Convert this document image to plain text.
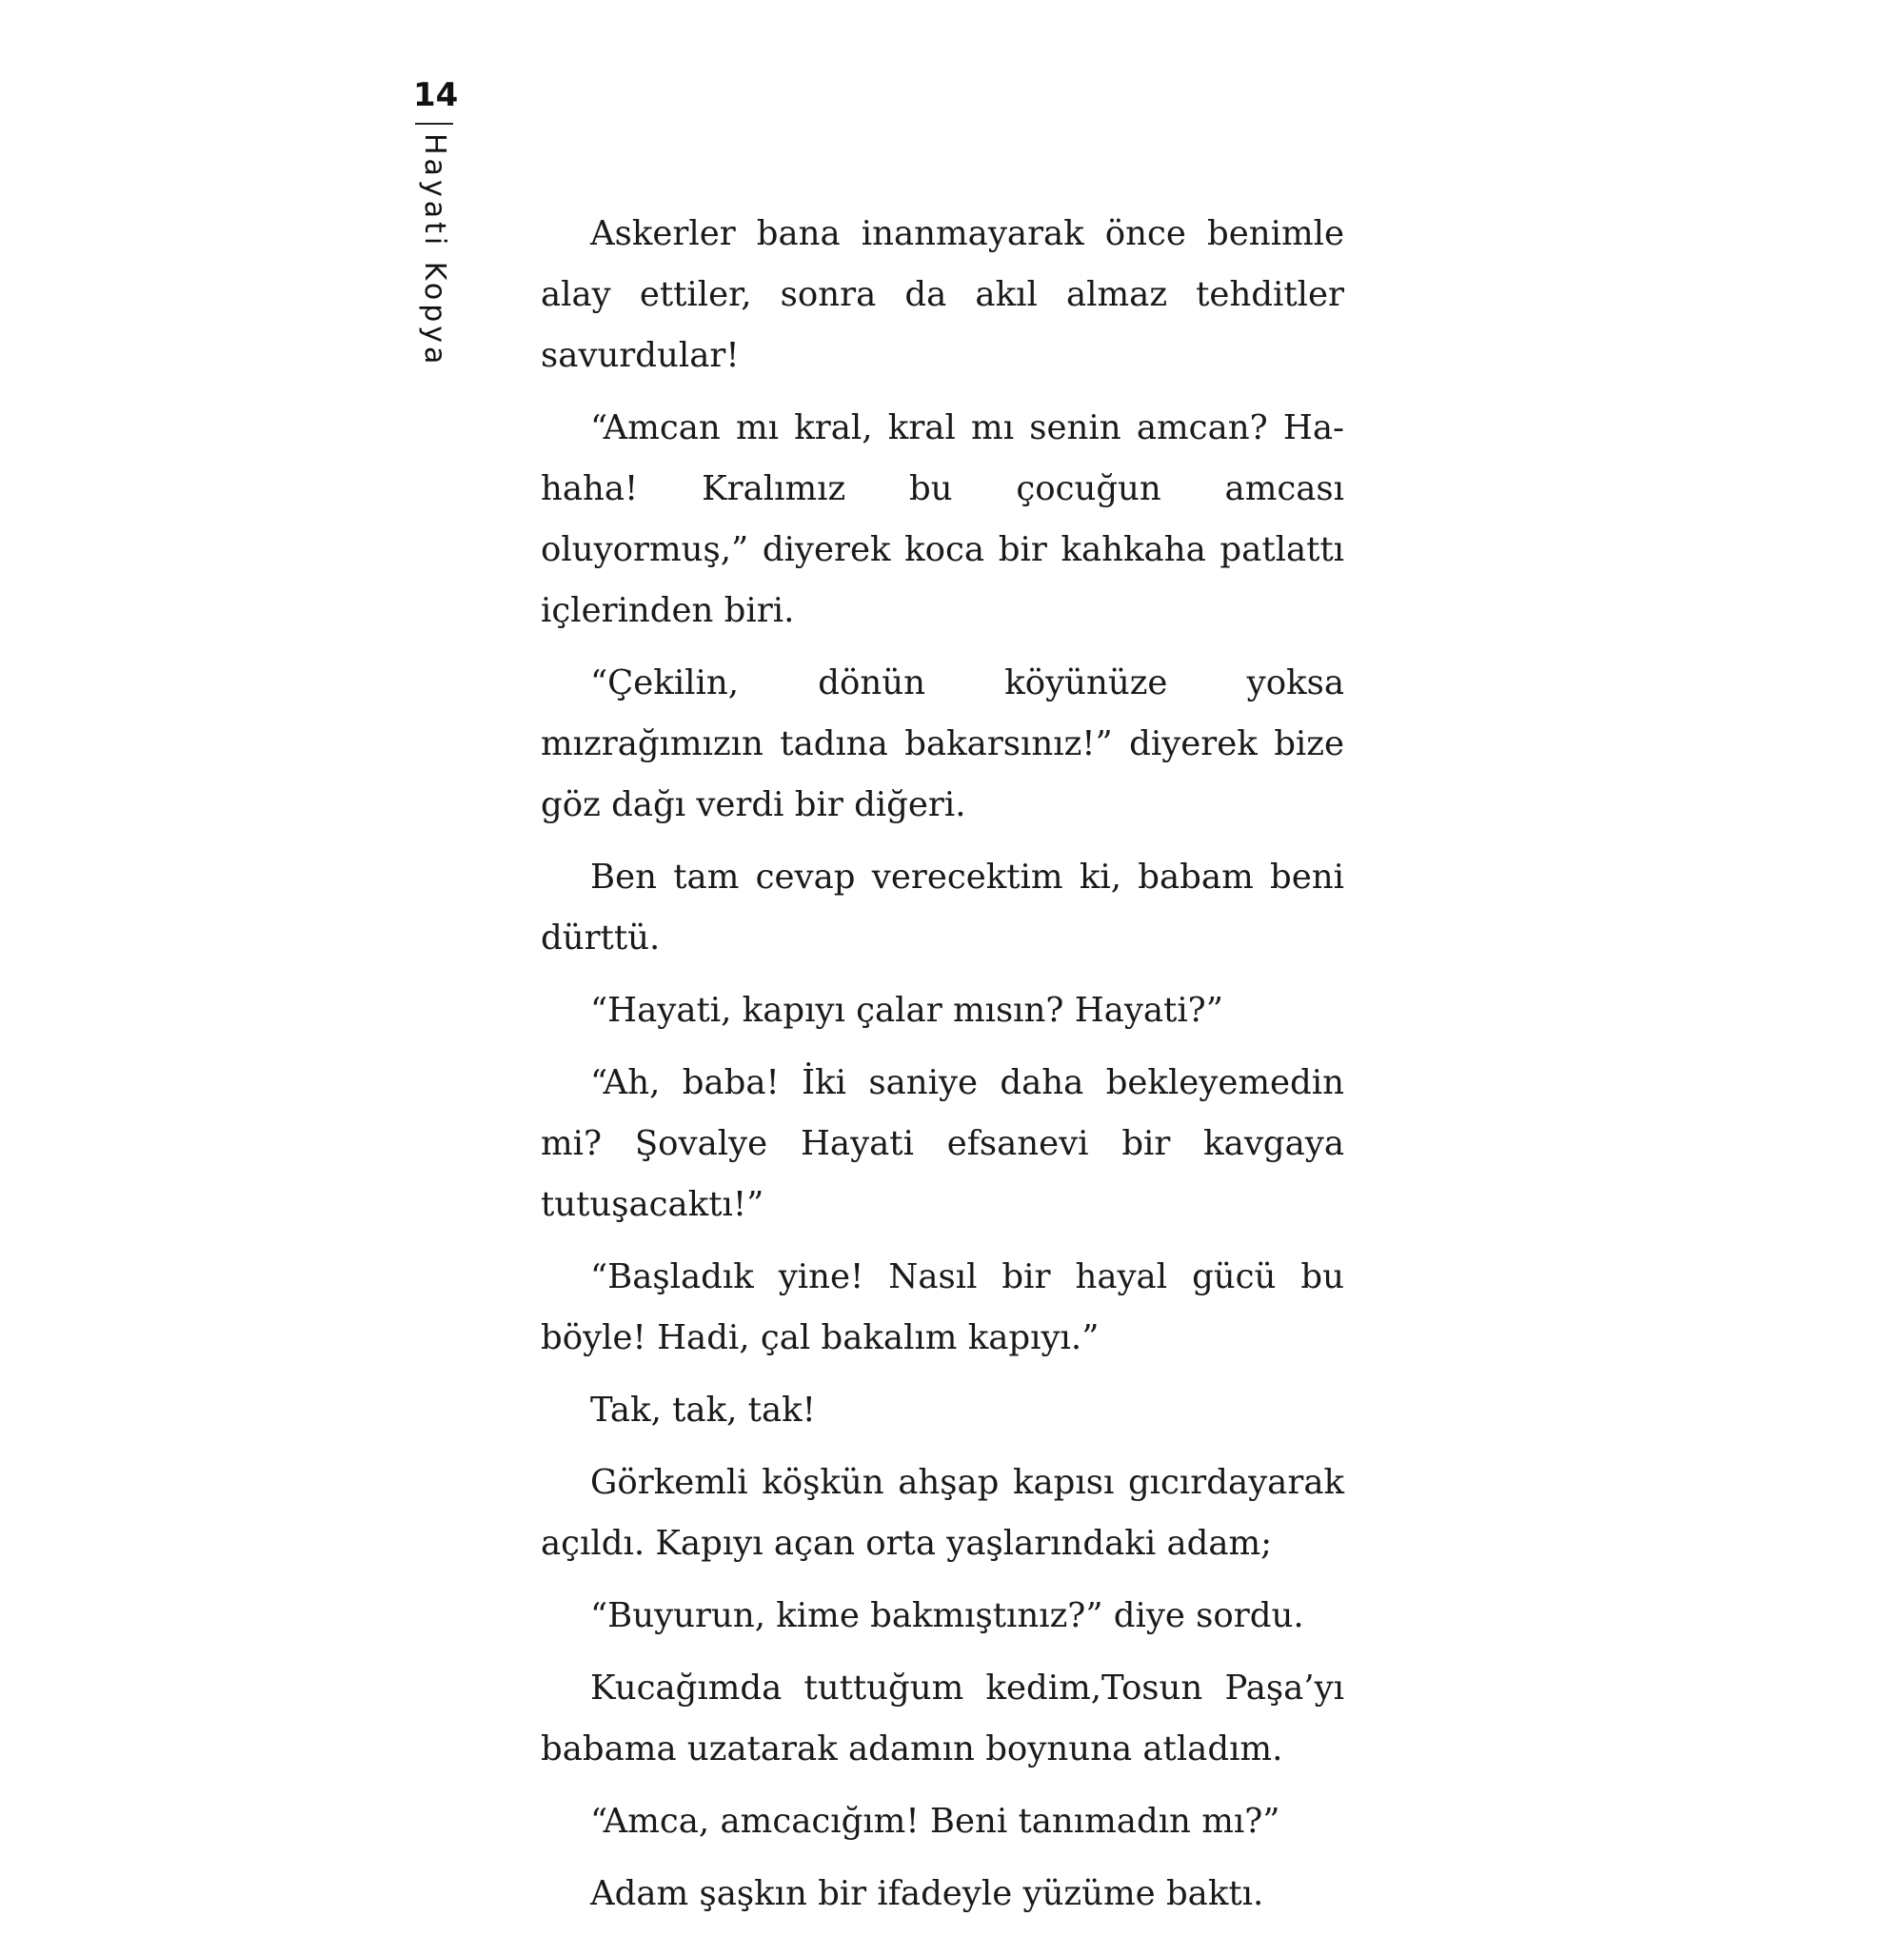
14
Hayati Kopya	Askerler bana inanmayarak önce benimle alay ettiler, sonra da akıl almaz tehditler savurdular!

“Amcan mı kral, kral mı senin amcan? Hahaha! Kralımız bu çocuğun amcası oluyormuş,” diyerek koca bir kahkaha patlattı içlerinden biri.

“Çekilin, dönün köyünüze yoksa mızrağımızın tadına bakarsınız!” diyerek bize göz dağı verdi bir diğeri.

Ben tam cevap verecektim ki, babam beni dürttü.

“Hayati, kapıyı çalar mısın? Hayati?”

“Ah, baba! İki saniye daha bekleyemedin mi? Şovalye Hayati efsanevi bir kavgaya tutuşacaktı!”

“Başladık yine! Nasıl bir hayal gücü bu böyle! Hadi, çal bakalım kapıyı.”

Tak, tak, tak!

Görkemli köşkün ahşap kapısı gıcırdayarak açıldı. Kapıyı açan orta yaşlarındaki adam;

“Buyurun, kime bakmıştınız?” diye sordu.

Kucağımda tuttuğum kedim,Tosun Paşa’yı babama uzatarak adamın boynuna atladım.

“Amca, amcacığım! Beni tanımadın mı?”

Adam şaşkın bir ifadeyle yüzüme baktı.
